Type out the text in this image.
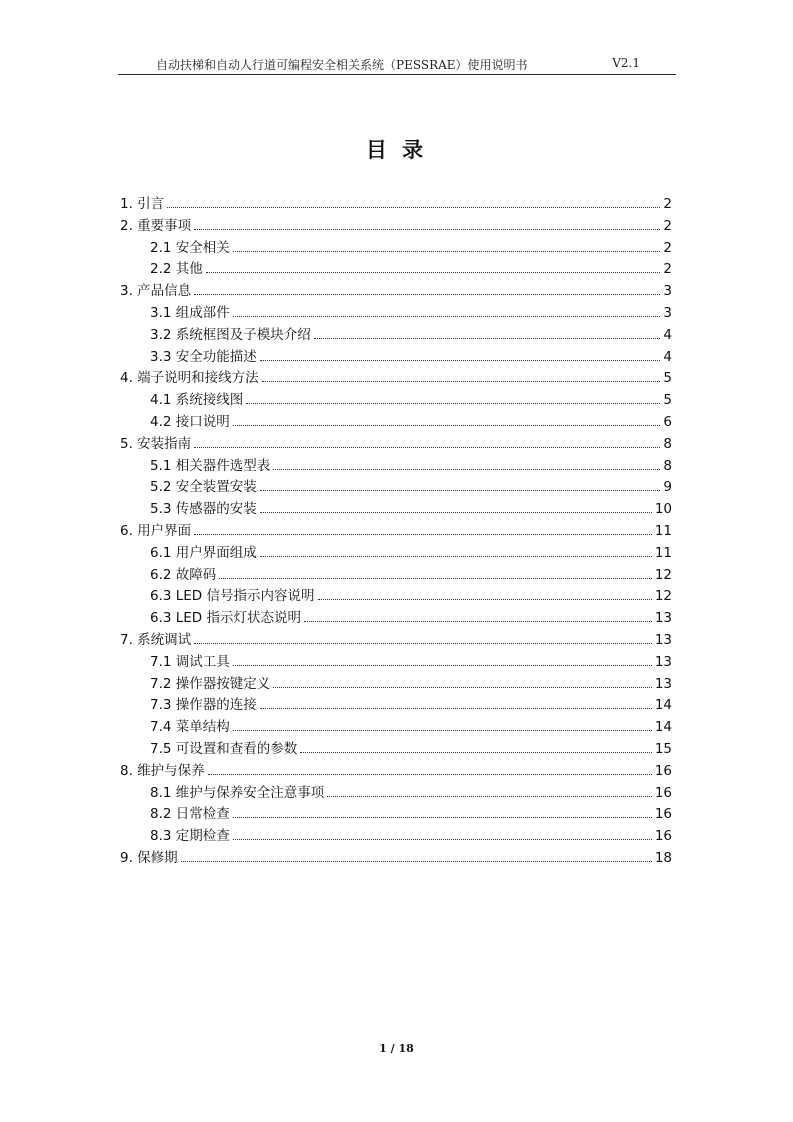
自动扶梯和自动人行道可编程安全相关系统（PESSRAE）使用说明书	V2.1
目 录
1. 引言	2
2. 重要事项	2
2.1 安全相关	2
2.2 其他	2
3. 产品信息	3
3.1 组成部件	3
3.2 系统框图及子模块介绍	4
3.3 安全功能描述	4
4. 端子说明和接线方法	5
4.1 系统接线图	5
4.2 接口说明	6
5. 安装指南	8
5.1 相关器件选型表	8
5.2 安全装置安装	9
5.3 传感器的安装	10
6. 用户界面	11
6.1 用户界面组成	11
6.2 故障码	12
6.3 LED 信号指示内容说明	12
6.3 LED 指示灯状态说明	13
7. 系统调试	13
7.1 调试工具	13
7.2 操作器按键定义	13
7.3 操作器的连接	14
7.4 菜单结构	14
7.5 可设置和查看的参数	15
8. 维护与保养	16
8.1 维护与保养安全注意事项	16
8.2 日常检查	16
8.3 定期检查	16
9. 保修期	18
1 / 18
